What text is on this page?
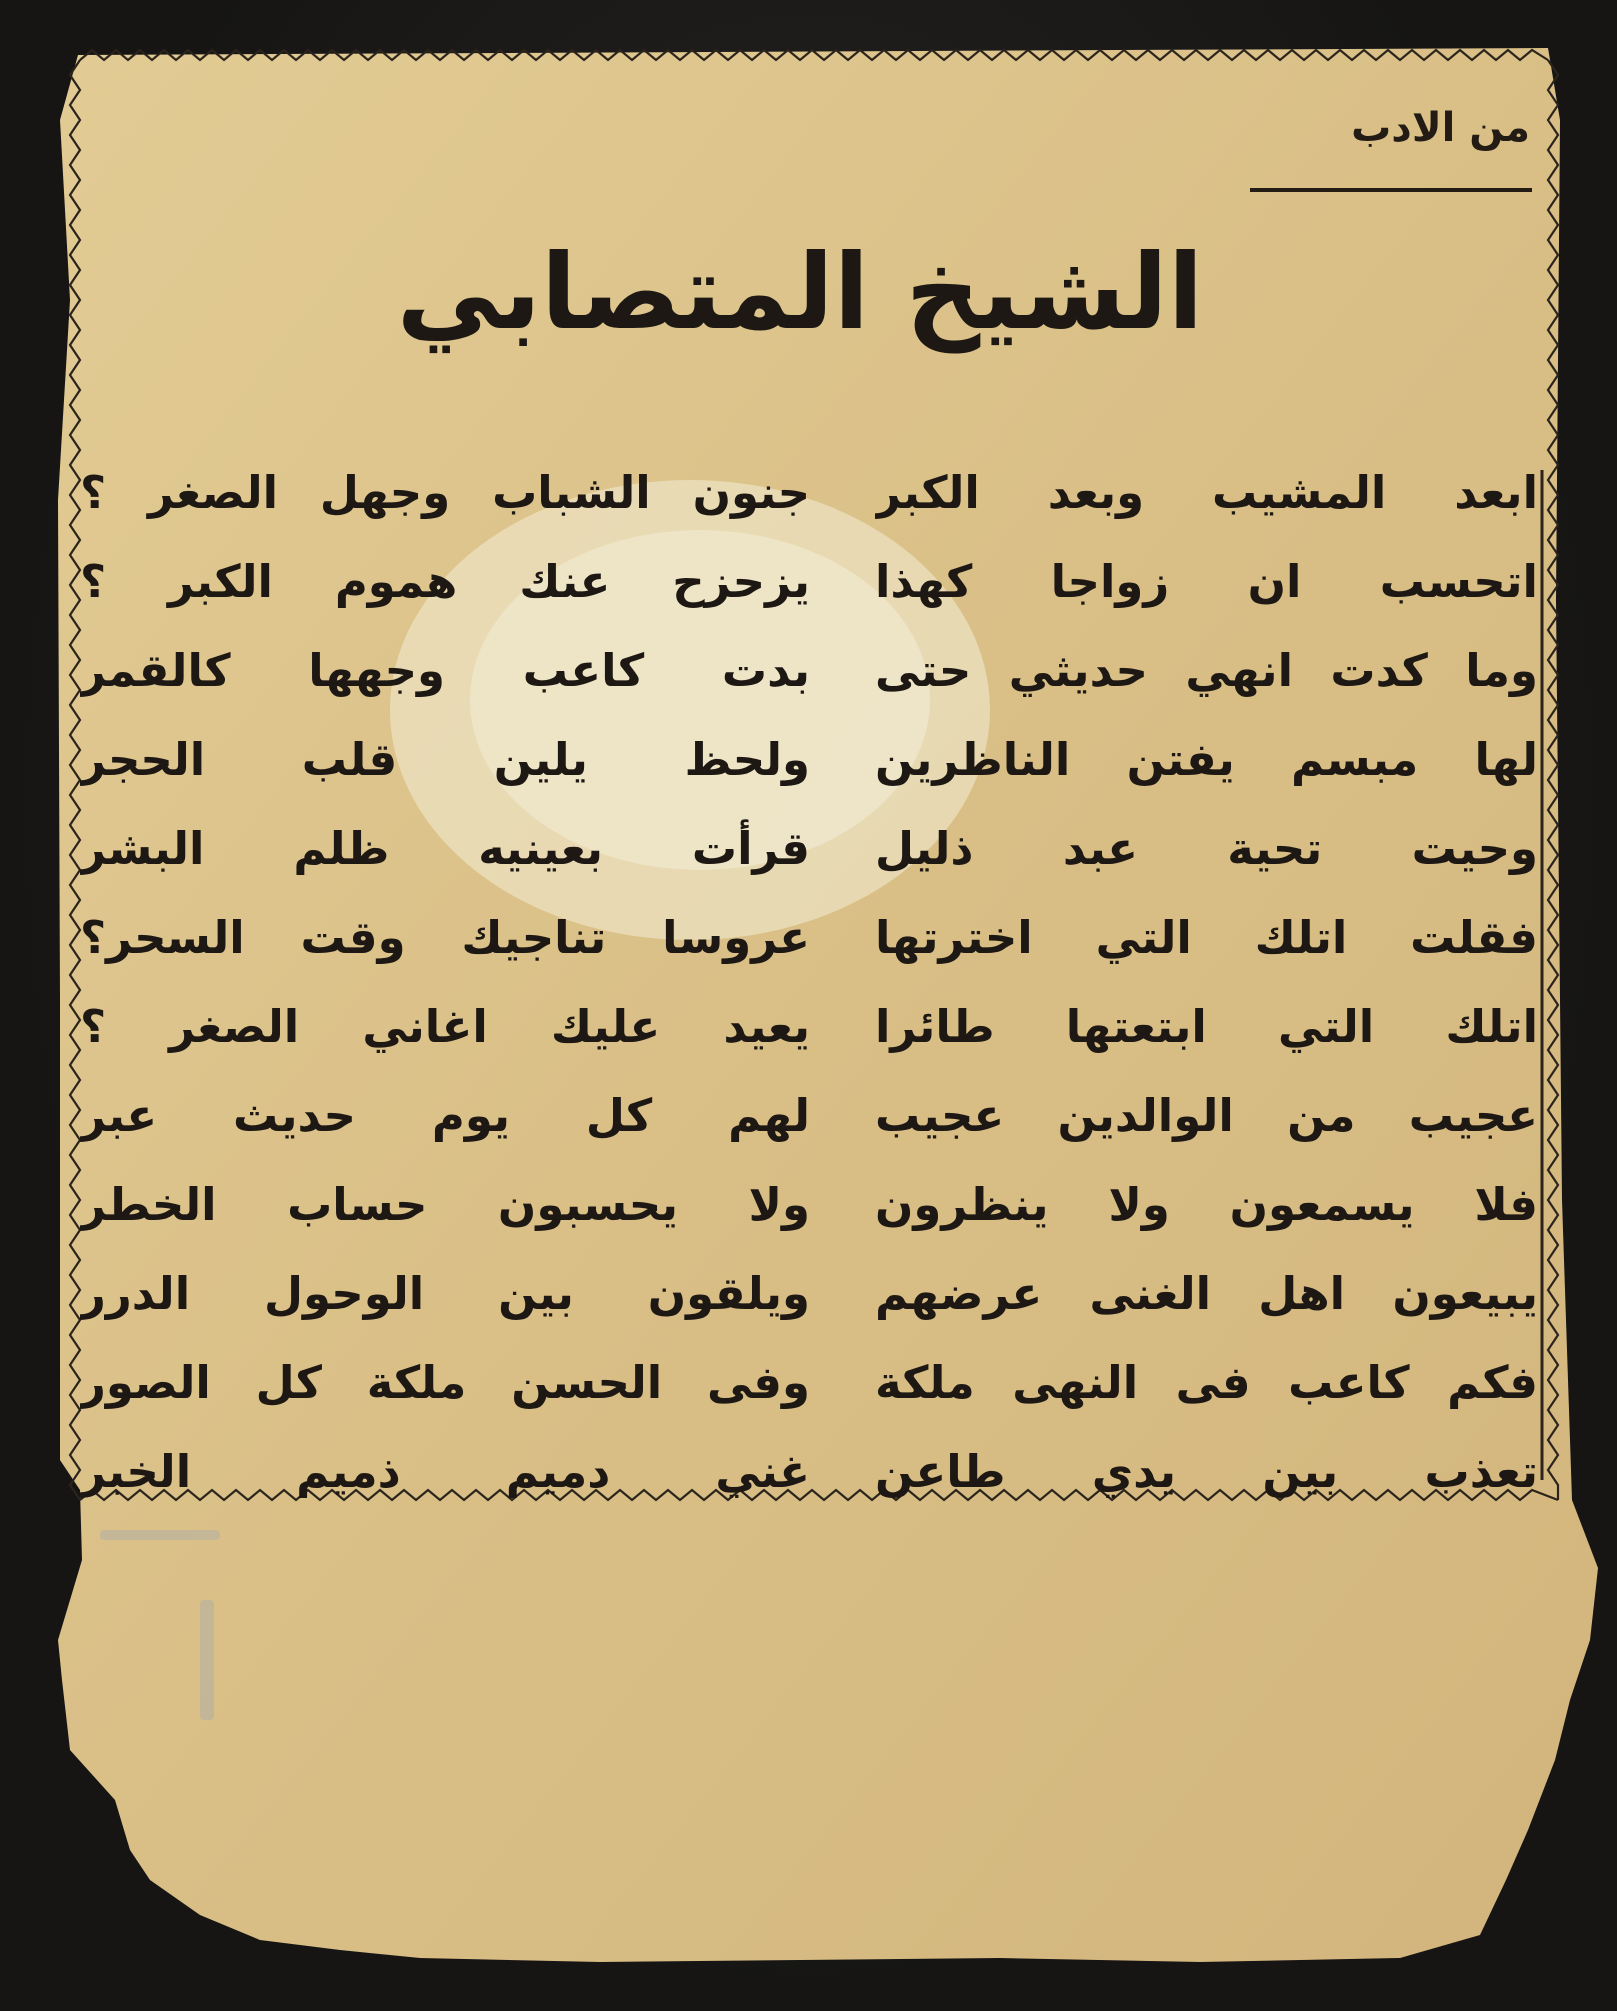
من الادب
الشيخ المتصابي
ابعد المشيب وبعد الكبر
اتحسب ان زواجا كهذا
وما كدت انهي حديثي حتى
لها مبسم يفتن الناظرين
وحيت تحية عبد ذليل
فقلت اتلك التي اخترتها
اتلك التي ابتعتها طائرا
عجيب من الوالدين عجيب
فلا يسمعون ولا ينظرون
يبيعون اهل الغنى عرضهم
فكم كاعب فى النهى ملكة
تعذب بين يدي طاعن
جنون الشباب وجهل الصغر ؟
يزحزح عنك هموم الكبر ؟
بدت كاعب وجهها كالقمر
ولحظ يلين قلب الحجر
قرأت بعينيه ظلم البشر
عروسا تناجيك وقت السحر؟
يعيد عليك اغاني الصغر ؟
لهم كل يوم حديث عبر
ولا يحسبون حساب الخطر
ويلقون بين الوحول الدرر
وفى الحسن ملكة كل الصور
غني دميم ذميم الخبر
